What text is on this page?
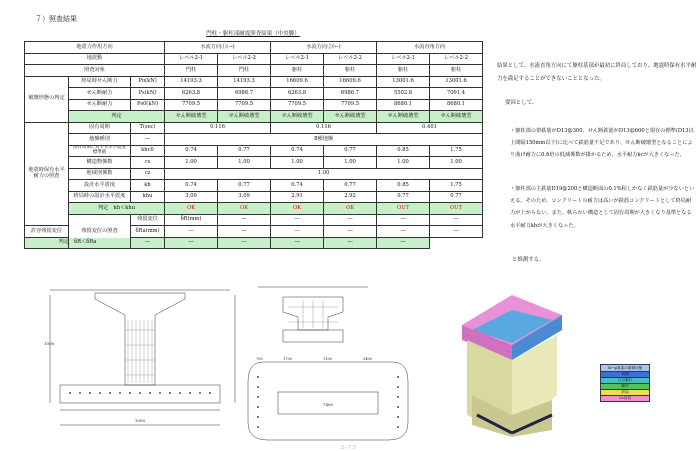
７）照査結果
門柱・躯柱部耐震照査結果（中央脚）
地震力作用方向			水流方向①(→)		水流方向②(←)		水流直角方向		
地震動			レベル2-1	レベル2-2	レベル2-1	レベル2-2	レベル2-1	レベル2-2	
照査対象			門柱	門柱	躯柱	躯柱	躯柱	躯柱	
破壊形態の判定	終局時せん断力	Pu(kN)	14193.3	14193.3	16609.6	16609.6	13001.6	13001.6	
	せん断耐力	Ps(kN)	6263.8	6986.7	6263.8	6986.7	5502.8	7091.4	
	せん断耐力	Ps0(kN)	7709.5	7709.5	7709.5	7709.5	8680.1	8680.1	
	判定		せん断破壊型	せん断破壊型	せん断破壊型	せん断破壊型	せん断破壊型	せん断破壊型	
地震時保有水平耐力の照査	固有周期	T(sec)	0.116		0.116		0.401		
	地盤種別	―	Ⅱ種地盤						
	固有周期に対する水平震度標準値	khc0	0.74	0.77	0.74	0.77	0.85	1.75	
	構造物係数	cs	1.00	1.00	1.00	1.00	1.00	1.00	
	地域別係数	cz	1.00						
	設計水平震度	kh	0.74	0.77	0.74	0.77	0.85	1.75	
	終局時の設計水平震度	khu	3.09	3.09	2.91	2.92	0.77	0.77	
	判定　kh＜khu		OK	OK	OK	OK	OUT	OUT	
	残留変位の照査	残留変位	δR(mm)	―	―	―	―	―	
許容残留変位		δRa(mm)	―	―	―	―	―	―	
判定　δR＜δRa		―	―	―	―	―	―		
結果として、水流直角方向にて躯柱基部が最初に終局しており、地震時保有水平耐力を満足することができないこととなった。
要因として、
・躯柱部の帯鉄筋がD13@300、せん断鉄筋がD13@600と現在の標準(D13以上間隔150mm以下)に比べて鉄筋量不足であり、せん断破壊型となることにより曲げ耐力に0.6倍の低減係数が掛かるため、水平耐力kcが大きくなった。
・躯柱部の主鉄筋D19@200と構造断面の0.1%程しかなく鉄筋量が少ないといえる。そのため、コンクリートの耐力は高いが鉄筋コンクリートとして終局耐力が上がらない。また、軟らかい構造として固有周期が大きくなり基準となる水平耐力khが大きくなった。
と推測する。
1000
1000
7400
700	1700	1100	3400
M−φ要素の損傷状態
初期
ひび割れ
降伏
終局
2×終局
２-７５
